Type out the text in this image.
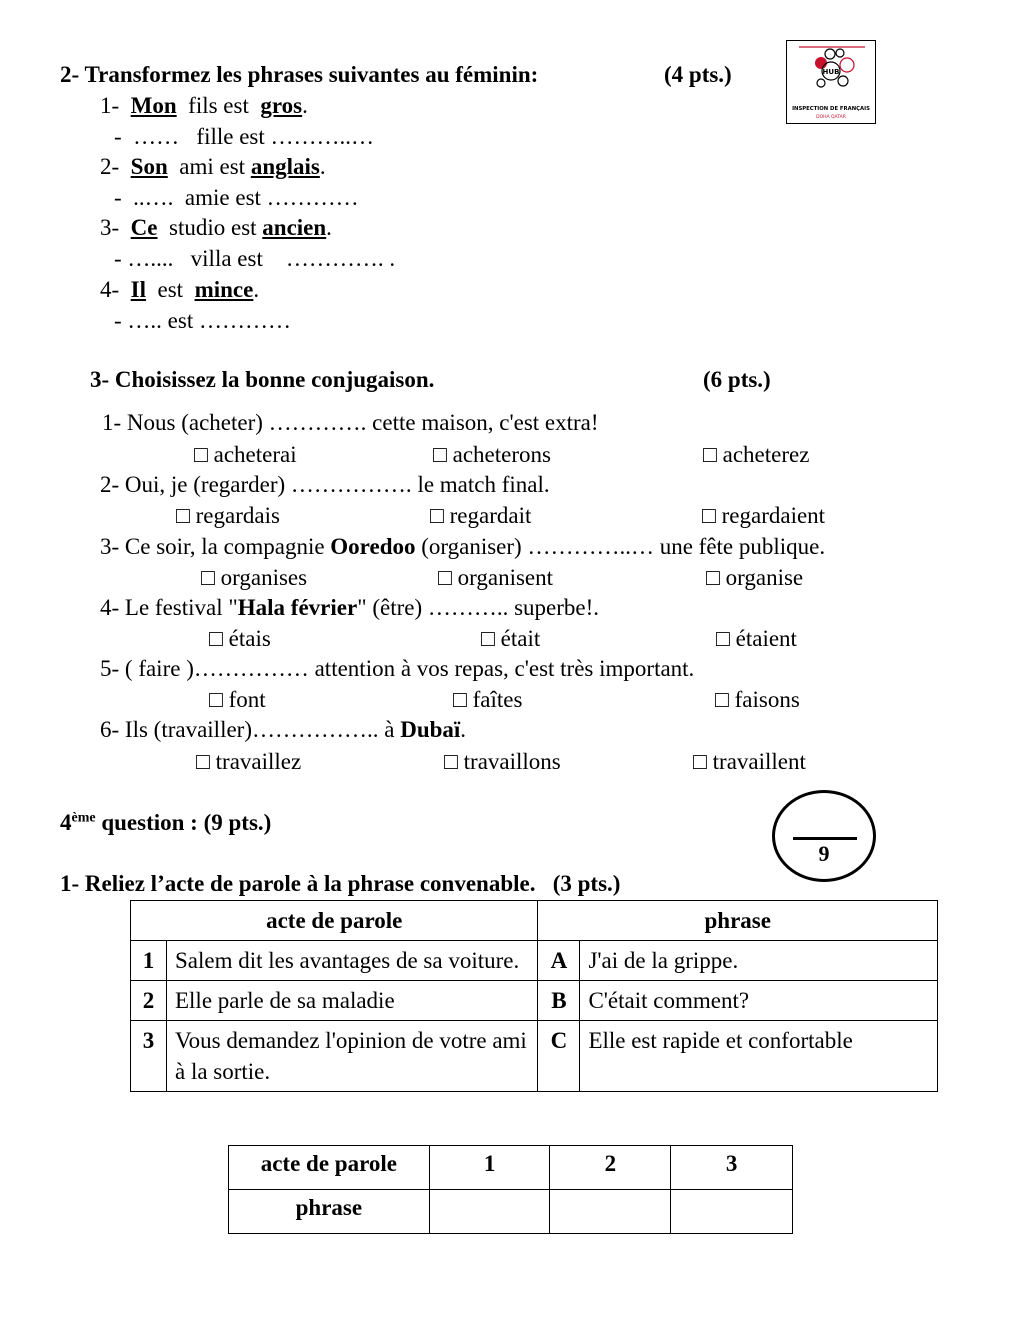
HUB
INSPECTION DE FRANÇAIS
DOHA QATAR
2- Transformez les phrases suivantes au féminin:	(4 pts.)
1- Mon fils est gros.
- …… fille est ………..…
2- Son ami est anglais.
- ..…. amie est …………
3- Ce studio est ancien.
- ….... villa est …………. .
4- Il est mince.
- ….. est …………
3- Choisissez la bonne conjugaison.	(6 pts.)
1- Nous (acheter) …………. cette maison, c'est extra!
□ acheterai	□ acheterons	□ acheterez
2- Oui, je (regarder) ……………. le match final.
□ regardais	□ regardait	□ regardaient
3- Ce soir, la compagnie Ooredoo (organiser) …………..… une fête publique.
□ organises	□ organisent	□ organise
4- Le festival "Hala février" (être) ……….. superbe!.
□ étais	□ était	□ étaient
5- ( faire )…………… attention à vos repas, c'est très important.
□ font	□ faîtes	□ faisons
6- Ils (travailler)…………….. à Dubaï.
□ travaillez	□ travaillons	□ travaillent
4ème question : (9 pts.)
9
1- Reliez l’acte de parole à la phrase convenable. (3 pts.)
acte de parole		phrase	
1	Salem dit les avantages de sa voiture.	A	J'ai de la grippe.
2	Elle parle de sa maladie	B	C'était comment?
3	Vous demandez l'opinion de votre ami à la sortie.	C	Elle est rapide et confortable
acte de parole	1	2	3
phrase			
